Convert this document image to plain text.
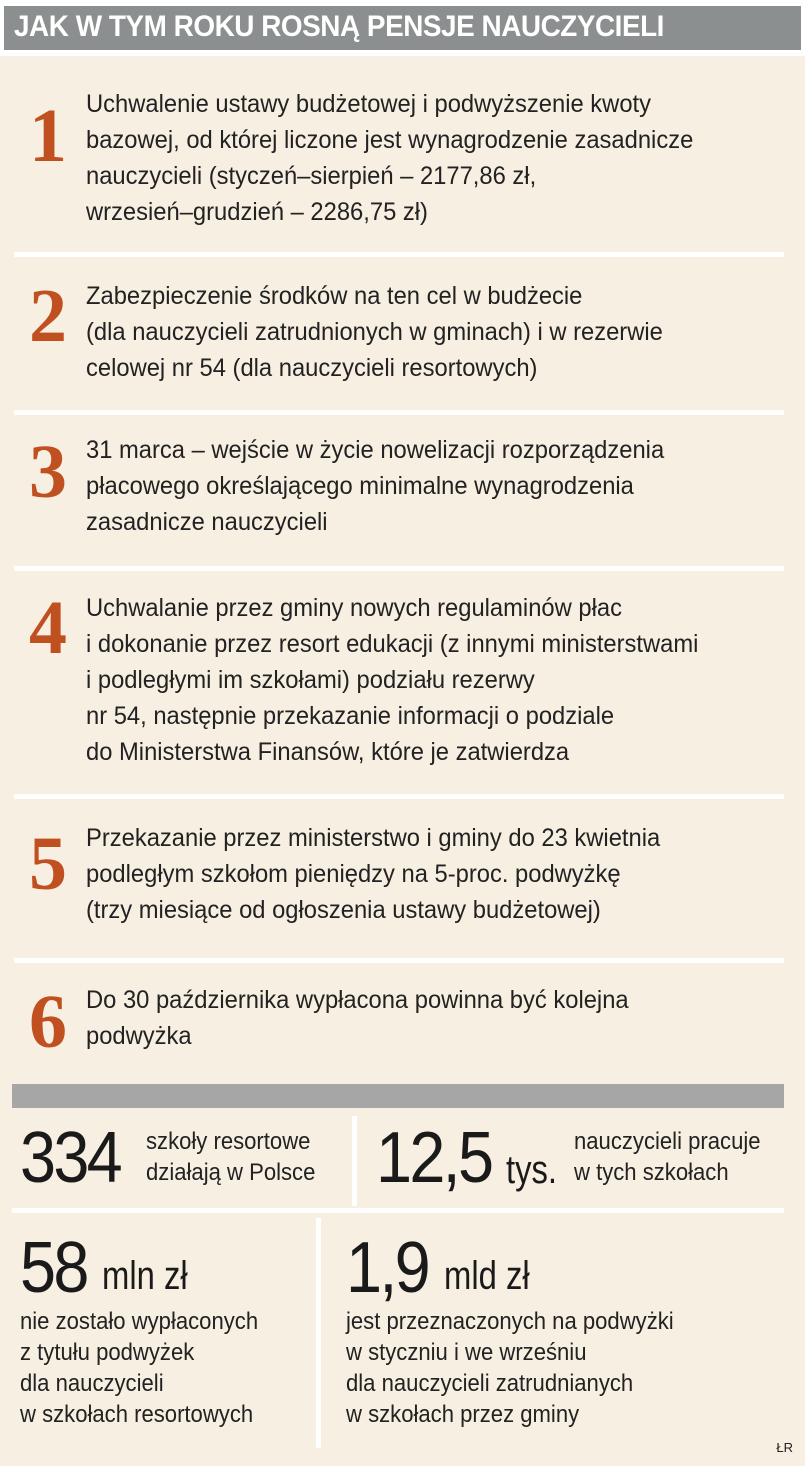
JAK W TYM ROKU ROSNĄ PENSJE NAUCZYCIELI
1 Uchwalenie ustawy budżetowej i podwyższenie kwoty
bazowej, od której liczone jest wynagrodzenie zasadnicze
nauczycieli (styczeń–sierpień – 2177,86 zł,
wrzesień–grudzień – 2286,75 zł)
2 Zabezpieczenie środków na ten cel w budżecie
(dla nauczycieli zatrudnionych w gminach) i w rezerwie
celowej nr 54 (dla nauczycieli resortowych)
3 31 marca – wejście w życie nowelizacji rozporządzenia
płacowego określającego minimalne wynagrodzenia
zasadnicze nauczycieli
4 Uchwalanie przez gminy nowych regulaminów płac
i dokonanie przez resort edukacji (z innymi ministerstwami
i podległymi im szkołami) podziału rezerwy
nr 54, następnie przekazanie informacji o podziale
do Ministerstwa Finansów, które je zatwierdza
5 Przekazanie przez ministerstwo i gminy do 23 kwietnia
podległym szkołom pieniędzy na 5-proc. podwyżkę
(trzy miesiące od ogłoszenia ustawy budżetowej)
6 Do 30 października wypłacona powinna być kolejna
podwyżka
334 szkoły resortowe
działają w Polsce 12,5 tys.
nauczycieli pracuje
w tych szkołach
58 mln zł
nie zostało wypłaconych
z tytułu podwyżek
dla nauczycieli
w szkołach resortowych
1,9 mld zł
jest przeznaczonych na podwyżki
w styczniu i we wrześniu
dla nauczycieli zatrudnianych
w szkołach przez gminy
ŁR
